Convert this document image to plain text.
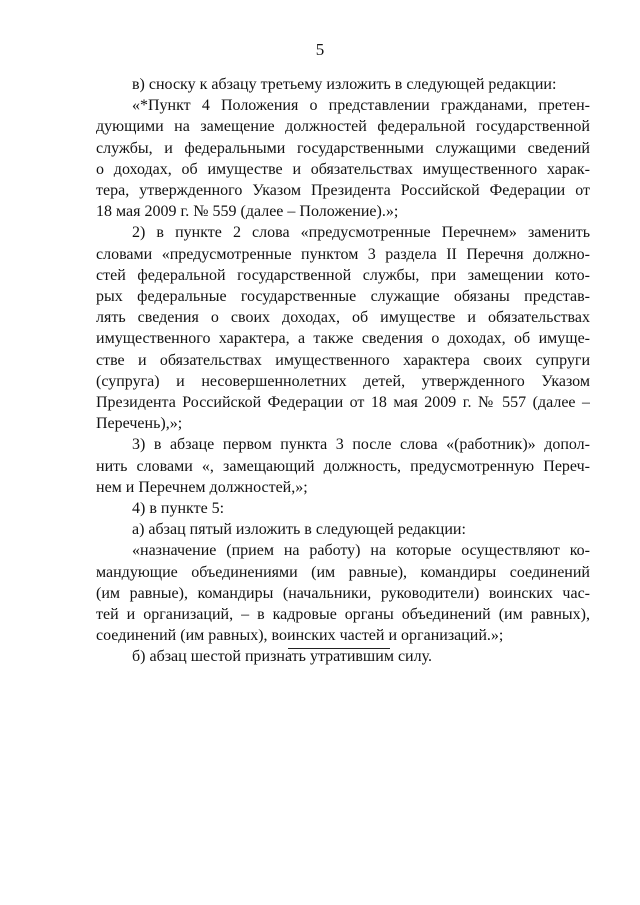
5
в) сноску к абзацу третьему изложить в следующей редакции:
«*Пункт 4 Положения о представлении гражданами, претен-
дующими на замещение должностей федеральной государственной
службы, и федеральными государственными служащими сведений
о доходах, об имуществе и обязательствах имущественного харак-
тера, утвержденного Указом Президента Российской Федерации от
18 мая 2009 г. № 559 (далее – Положение).»;
2) в пункте 2 слова «предусмотренные Перечнем» заменить
словами «предусмотренные пунктом 3 раздела II Перечня должно-
стей федеральной государственной службы, при замещении кото-
рых федеральные государственные служащие обязаны представ-
лять сведения о своих доходах, об имуществе и обязательствах
имущественного характера, а также сведения о доходах, об имуще-
стве и обязательствах имущественного характера своих супруги
(супруга) и несовершеннолетних детей, утвержденного Указом
Президента Российской Федерации от 18 мая 2009 г. № 557 (далее –
Перечень),»;
3) в абзаце первом пункта 3 после слова «(работник)» допол-
нить словами «, замещающий должность, предусмотренную Переч-
нем и Перечнем должностей,»;
4) в пункте 5:
а) абзац пятый изложить в следующей редакции:
«назначение (прием на работу) на которые осуществляют ко-
мандующие объединениями (им равные), командиры соединений
(им равные), командиры (начальники, руководители) воинских час-
тей и организаций, – в кадровые органы объединений (им равных),
соединений (им равных), воинских частей и организаций.»;
б) абзац шестой признать утратившим силу.
